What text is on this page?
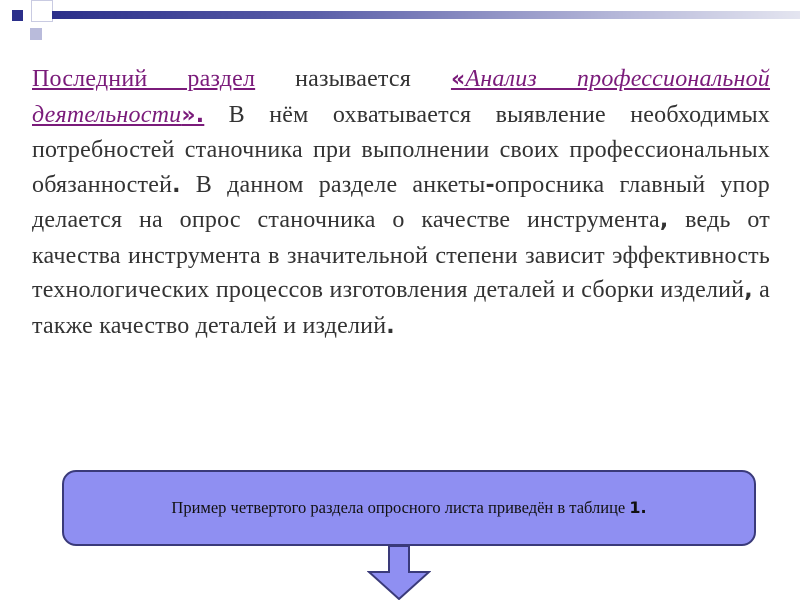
Последний раздел называется «Анализ профессиональной деятельности». В нём охватывается выявление необходимых потребностей станочника при выполнении своих профессиональных обязанностей. В данном разделе анкеты-опросника главный упор делается на опрос станочника о качестве инструмента, ведь от качества инструмента в значительной степени зависит эффективность технологических процессов изготовления деталей и сборки изделий, а также качество деталей и изделий.
Пример четвертого раздела опросного листа приведён в таблице 1.
